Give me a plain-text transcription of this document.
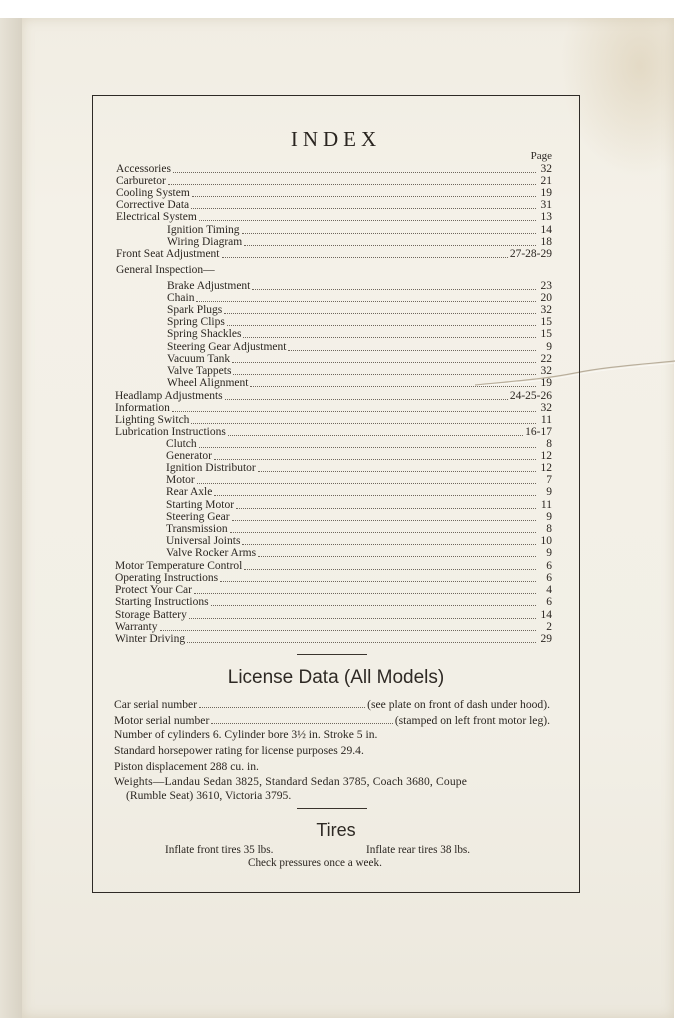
INDEX
Page
Accessories	32
Carburetor	21
Cooling System	19
Corrective Data	31
Electrical System	13
Ignition Timing	14
Wiring Diagram	18
Front Seat Adjustment	27-28-29
General Inspection—
Brake Adjustment	23
Chain	20
Spark Plugs	32
Spring Clips	15
Spring Shackles	15
Steering Gear Adjustment	9
Vacuum Tank	22
Valve Tappets	32
Wheel Alignment	19
Headlamp Adjustments	24-25-26
Information	32
Lighting Switch	11
Lubrication Instructions	16-17
Clutch	8
Generator	12
Ignition Distributor	12
Motor	7
Rear Axle	9
Starting Motor	11
Steering Gear	9
Transmission	8
Universal Joints	10
Valve Rocker Arms	9
Motor Temperature Control	6
Operating Instructions	6
Protect Your Car	4
Starting Instructions	6
Storage Battery	14
Warranty	2
Winter Driving	29
License Data (All Models)
Car serial number	(see plate on front of dash under hood).
Motor serial number	(stamped on left front motor leg).
Number of cylinders 6. Cylinder bore 3½ in. Stroke 5 in.
Standard horsepower rating for license purposes 29.4.
Piston displacement 288 cu. in.
Weights—Landau Sedan 3825, Standard Sedan 3785, Coach 3680, Coupe
(Rumble Seat) 3610, Victoria 3795.
Tires
Inflate front tires 35 lbs.	Inflate rear tires 38 lbs.
Check pressures once a week.
